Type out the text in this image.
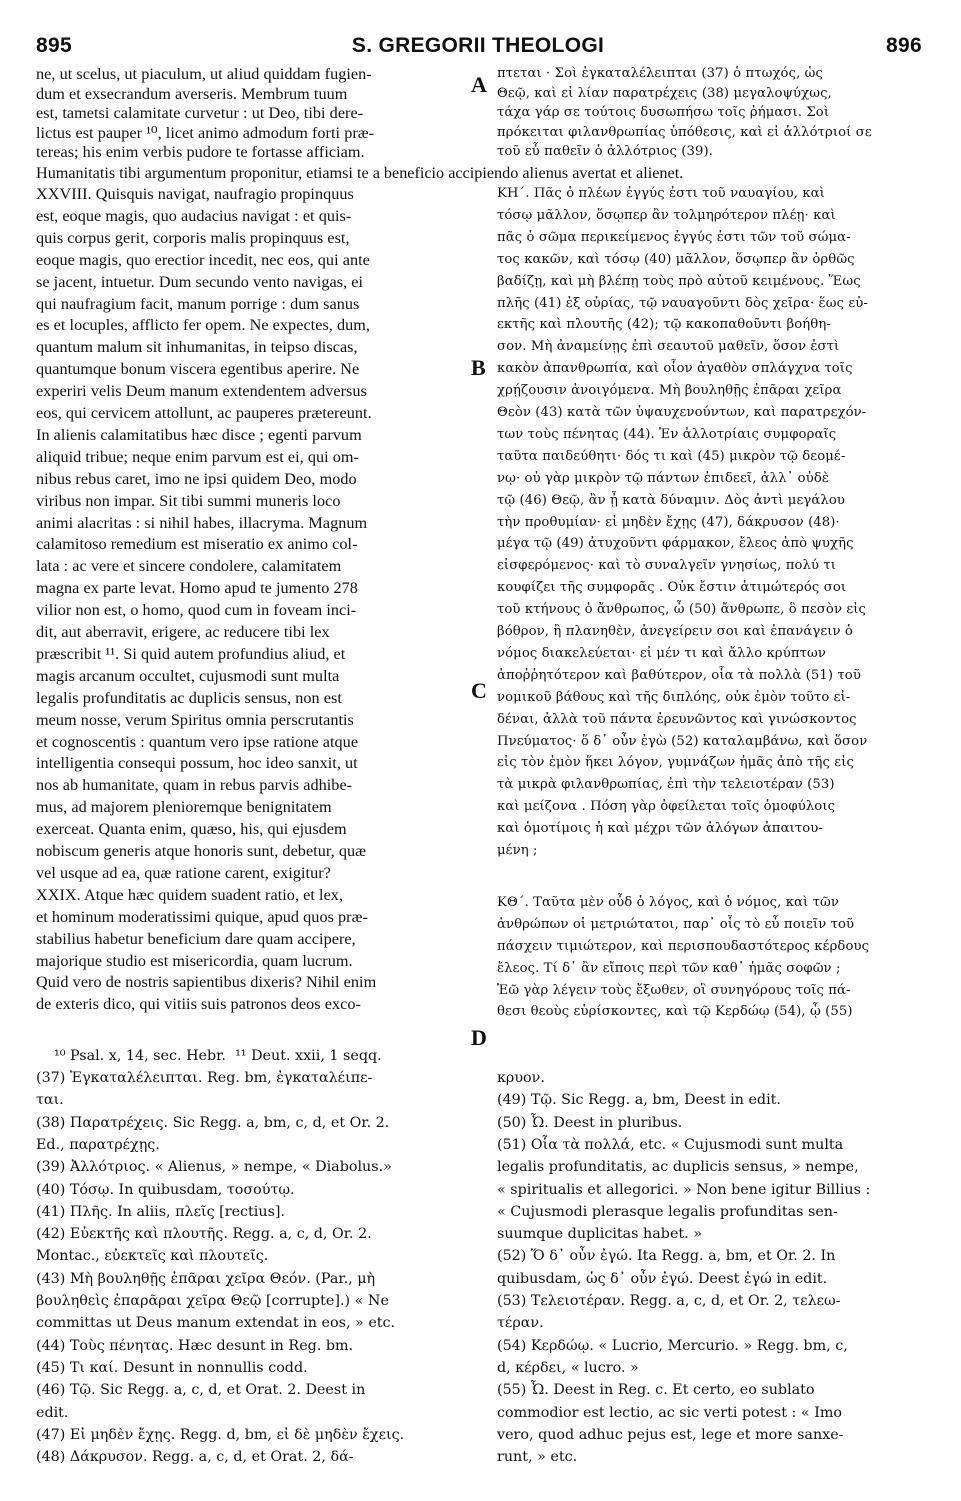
895	S. GREGORII THEOLOGI	896
ne, ut scelus, ut piaculum, ut aliud quiddam fugien-
dum et exsecrandum averseris. Membrum tuum
est, tametsi calamitate curvetur : ut Deo, tibi dere-
lictus est pauper ¹⁰, licet animo admodum forti præ-
tereas; his enim verbis pudore te fortasse afficiam.
XXVIII. Quisquis navigat, naufragio propinquus
est, eoque magis, quo audacius navigat : et quis-
quis corpus gerit, corporis malis propinquus est,
eoque magis, quo erectior incedit, nec eos, qui ante
se jacent, intuetur. Dum secundo vento navigas, ei
qui naufragium facit, manum porrige : dum sanus
es et locuples, afflicto fer opem. Ne expectes, dum,
quantum malum sit inhumanitas, in teipso discas,
quantumque bonum viscera egentibus aperire. Ne
experiri velis Deum manum extendentem adversus
eos, qui cervicem attollunt, ac pauperes prætereunt.
In alienis calamitatibus hæc disce ; egenti parvum
aliquid tribue; neque enim parvum est ei, qui om-
nibus rebus caret, imo ne ipsi quidem Deo, modo
viribus non impar. Sit tibi summi muneris loco
animi alacritas : si nihil habes, illacryma. Magnum
calamitoso remedium est miseratio ex animo col-
lata : ac vere et sincere condolere, calamitatem
magna ex parte levat. Homo apud te jumento 278
vilior non est, o homo, quod cum in foveam inci-
dit, aut aberravit, erigere, ac reducere tibi lex
præscribit ¹¹. Si quid autem profundius aliud, et
magis arcanum occultet, cujusmodi sunt multa
legalis profunditatis ac duplicis sensus, non est
meum nosse, verum Spiritus omnia perscrutantis
et cognoscentis : quantum vero ipse ratione atque
intelligentia consequi possum, hoc ideo sanxit, ut
nos ab humanitate, quam in rebus parvis adhibe-
mus, ad majorem plenioremque benignitatem
exerceat. Quanta enim, quæso, his, qui ejusdem
nobiscum generis atque honoris sunt, debetur, quæ
vel usque ad ea, quæ ratione carent, exigitur?
XXIX. Atque hæc quidem suadent ratio, et lex,
et hominum moderatissimi quique, apud quos præ-
stabilius habetur beneficium dare quam accipere,
majorique studio est misericordia, quam lucrum.
Quid vero de nostris sapientibus dixeris? Nihil enim
de exteris dico, qui vitiis suis patronos deos exco-
πτεται · Σοὶ ἐγκαταλέλειπται (37) ὁ πτωχός, ὡς
Θεῷ, καὶ εἰ λίαν παρατρέχεις (38) μεγαλοψύχως,
τάχα γάρ σε τούτοις δυσωπήσω τοῖς ῥήμασι. Σοὶ
πρόκειται φιλανθρωπίας ὑπόθεσις, καὶ εἰ ἀλλότριοί σε
τοῦ εὖ παθεῖν ὁ ἀλλότριος (39).
ΚΗ΄. Πᾶς ὁ πλέων ἐγγύς ἐστι τοῦ ναυαγίου, καὶ
τόσῳ μᾶλλον, ὅσῳπερ ἂν τολμηρότερον πλέῃ· καὶ
πᾶς ὁ σῶμα περικείμενος ἐγγύς ἐστι τῶν τοῦ σώμα-
τος κακῶν, καὶ τόσῳ (40) μᾶλλον, ὅσῳπερ ἂν ὀρθῶς
βαδίζῃ, καὶ μὴ βλέπῃ τοὺς πρὸ αὐτοῦ κειμένους. Ἕως
πλῆς (41) ἐξ οὐρίας, τῷ ναυαγοῦντι δὸς χεῖρα· ἕως εὐ-
εκτῆς καὶ πλουτῆς (42); τῷ κακοπαθοῦντι βοήθη-
σον. Μὴ ἀναμείνῃς ἐπὶ σεαυτοῦ μαθεῖν, ὅσον ἐστὶ
κακὸν ἀπανθρωπία, καὶ οἷον ἀγαθὸν σπλάγχνα τοῖς
χρῄζουσιν ἀνοιγόμενα. Μὴ βουληθῇς ἐπᾶραι χεῖρα
Θεὸν (43) κατὰ τῶν ὑψαυχενούντων, καὶ παρατρεχόν-
των τοὺς πένητας (44). Ἐν ἀλλοτρίαις συμφοραῖς
ταῦτα παιδεύθητι· δός τι καὶ (45) μικρὸν τῷ δεομέ-
νῳ· οὐ γὰρ μικρὸν τῷ πάντων ἐπιδεεῖ, ἀλλ᾽ οὐδὲ
τῷ (46) Θεῷ, ἂν ᾖ κατὰ δύναμιν. Δὸς ἀντὶ μεγάλου
τὴν προθυμίαν· εἰ μηδὲν ἔχῃς (47), δάκρυσον (48)·
μέγα τῷ (49) ἀτυχοῦντι φάρμακον, ἔλεος ἀπὸ ψυχῆς
εἰσφερόμενος· καὶ τὸ συναλγεῖν γνησίως, πολύ τι
κουφίζει τῆς συμφορᾶς . Οὐκ ἔστιν ἀτιμώτερός σοι
τοῦ κτήνους ὁ ἄνθρωπος, ὦ (50) ἄνθρωπε, ὃ πεσὸν εἰς
βόθρον, ἢ πλανηθὲν, ἀνεγείρειν σοι καὶ ἐπανάγειν ὁ
νόμος διακελεύεται· εἰ μέν τι καὶ ἄλλο κρύπτων
ἀποῤῥητότερον καὶ βαθύτερον, οἷα τὰ πολλὰ (51) τοῦ
νομικοῦ βάθους καὶ τῆς διπλόης, οὐκ ἐμὸν τοῦτο εἰ-
δέναι, ἀλλὰ τοῦ πάντα ἐρευνῶντος καὶ γινώσκοντος
Πνεύματος· ὅ δ᾽ οὖν ἐγὼ (52) καταλαμβάνω, καὶ ὅσον
εἰς τὸν ἐμὸν ἥκει λόγον, γυμνάζων ἡμᾶς ἀπὸ τῆς εἰς
τὰ μικρὰ φιλανθρωπίας, ἐπὶ τὴν τελειοτέραν (53)
καὶ μείζονα . Πόση γὰρ ὀφείλεται τοῖς ὁμοφύλοις
καὶ ὁμοτίμοις ἡ καὶ μέχρι τῶν ἀλόγων ἀπαιτου-
μένη ;
ΚΘ΄. Ταῦτα μὲν οὖδ ὁ λόγος, καὶ ὁ νόμος, καὶ τῶν
ἀνθρώπων οἱ μετριώτατοι, παρ᾽ οἷς τὸ εὖ ποιεῖν τοῦ
πάσχειν τιμιώτερον, καὶ περισπουδαστότερος κέρδους
ἔλεος. Τί δ᾽ ἂν εἴποις περὶ τῶν καθ᾽ ἡμᾶς σοφῶν ;
Ἐῶ γὰρ λέγειν τοὺς ἔξωθεν, οἳ συνηγόρους τοῖς πά-
θεσι θεοὺς εὑρίσκοντες, καὶ τῷ Κερδώῳ (54), ᾧ (55)
Humanitatis tibi argumentum proponitur, etiamsi te a beneficio accipiendo alienus avertat et alienet.
¹⁰ Psal. x, 14, sec. Hebr.  ¹¹ Deut. xxii, 1 seqq.
(37) Ἐγκαταλέλειπται. Reg. bm, ἐγκαταλέιπε-
ται.
(38) Παρατρέχεις. Sic Regg. a, bm, c, d, et Or. 2.
Ed., παρατρέχῃς.
(39) Ἀλλότριος. « Alienus, » nempe, « Diabolus.»
(40) Τόσῳ. In quibusdam, τοσούτῳ.
(41) Πλῆς. In aliis, πλεῖς [rectius].
(42) Εὐεκτῆς καὶ πλουτῆς. Regg. a, c, d, Or. 2.
Montac., εὐεκτεῖς καὶ πλουτεῖς.
(43) Μὴ βουληθῇς ἐπᾶραι χεῖρα Θεόν. (Par., μὴ
βουληθεὶς ἐπαρᾶραι χεῖρα Θεῷ [corrupte].) « Ne
committas ut Deus manum extendat in eos, » etc.
(44) Τοὺς πένητας. Hæc desunt in Reg. bm.
(45) Τι καί. Desunt in nonnullis codd.
(46) Τῷ. Sic Regg. a, c, d, et Orat. 2. Deest in
edit.
(47) Εἰ μηδὲν ἔχῃς. Regg. d, bm, εἰ δὲ μηδὲν ἔχεις.
(48) Δάκρυσον. Regg. a, c, d, et Orat. 2, δά-
κρυον.
(49) Τῷ. Sic Regg. a, bm, Deest in edit.
(50) Ὦ. Deest in pluribus.
(51) Οἷα τὰ πολλά, etc. « Cujusmodi sunt multa
legalis profunditatis, ac duplicis sensus, » nempe,
« spiritualis et allegorici. » Non bene igitur Billius :
« Cujusmodi plerasque legalis profunditas sen-
suumque duplicitas habet. »
(52) Ὅ δ᾽ οὖν ἐγώ. Ita Regg. a, bm, et Or. 2. In
quibusdam, ὡς δ᾽ οὖν ἐγώ. Deest ἐγώ in edit.
(53) Τελειοτέραν. Regg. a, c, d, et Or. 2, τελεω-
τέραν.
(54) Κερδώῳ. « Lucrio, Mercurio. » Regg. bm, c,
d, κέρδει, « lucro. »
(55) Ὦ. Deest in Reg. c. Et certo, eo sublato
commodior est lectio, ac sic verti potest : « Imo
vero, quod adhuc pejus est, lege et more sanxe-
runt, » etc.
A
B
C
D
